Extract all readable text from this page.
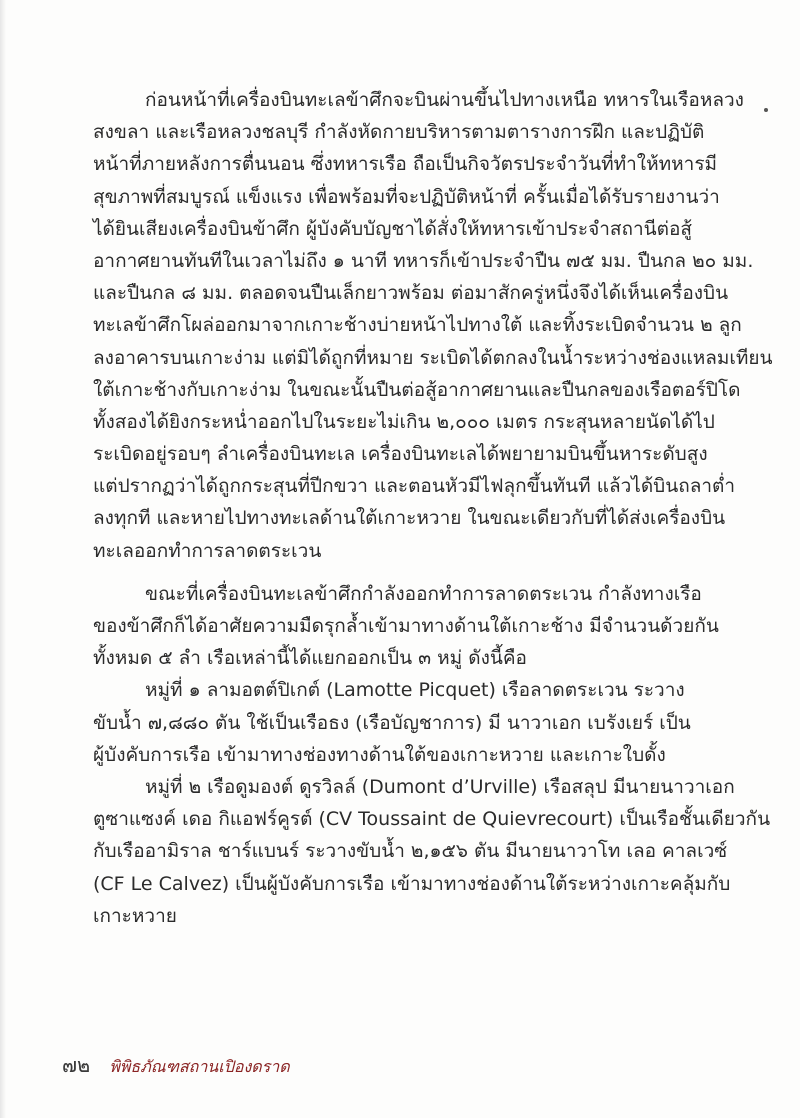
ก่อนหน้าที่เครื่องบินทะเลข้าศึกจะบินผ่านขึ้นไปทางเหนือ ทหารในเรือหลวง
สงขลา และเรือหลวงชลบุรี กำลังหัดกายบริหารตามตารางการฝึก และปฏิบัติ
หน้าที่ภายหลังการตื่นนอน ซึ่งทหารเรือ ถือเป็นกิจวัตรประจำวันที่ทำให้ทหารมี
สุขภาพที่สมบูรณ์ แข็งแรง เพื่อพร้อมที่จะปฏิบัติหน้าที่ ครั้นเมื่อได้รับรายงานว่า
ได้ยินเสียงเครื่องบินข้าศึก ผู้บังคับบัญชาได้สั่งให้ทหารเข้าประจำสถานีต่อสู้
อากาศยานทันทีในเวลาไม่ถึง ๑ นาที ทหารก็เข้าประจำปืน ๗๕ มม. ปืนกล ๒๐ มม.
และปืนกล ๘ มม. ตลอดจนปืนเล็กยาวพร้อม ต่อมาสักครู่หนึ่งจึงได้เห็นเครื่องบิน
ทะเลข้าศึกโผล่ออกมาจากเกาะช้างบ่ายหน้าไปทางใต้ และทิ้งระเบิดจำนวน ๒ ลูก
ลงอาคารบนเกาะง่าม แต่มิได้ถูกที่หมาย ระเบิดได้ตกลงในน้ำระหว่างช่องแหลมเทียน
ใต้เกาะช้างกับเกาะง่าม ในขณะนั้นปืนต่อสู้อากาศยานและปืนกลของเรือตอร์ปิโด
ทั้งสองได้ยิงกระหน่ำออกไปในระยะไม่เกิน ๒,๐๐๐ เมตร กระสุนหลายนัดได้ไป
ระเบิดอยู่รอบๆ ลำเครื่องบินทะเล เครื่องบินทะเลได้พยายามบินขึ้นหาระดับสูง
แต่ปรากฏว่าได้ถูกกระสุนที่ปีกขวา และตอนหัวมีไฟลุกขึ้นทันที แล้วได้บินถลาต่ำ
ลงทุกที และหายไปทางทะเลด้านใต้เกาะหวาย ในขณะเดียวกับที่ได้ส่งเครื่องบิน
ทะเลออกทำการลาดตระเวน
ขณะที่เครื่องบินทะเลข้าศึกกำลังออกทำการลาดตระเวน กำลังทางเรือ
ของข้าศึกก็ได้อาศัยความมืดรุกล้ำเข้ามาทางด้านใต้เกาะช้าง มีจำนวนด้วยกัน
ทั้งหมด ๕ ลำ เรือเหล่านี้ได้แยกออกเป็น ๓ หมู่ ดังนี้คือ
หมู่ที่ ๑ ลามอตต์ปิเกต์ (Lamotte Picquet) เรือลาดตระเวน ระวาง
ขับน้ำ ๗,๘๘๐ ตัน ใช้เป็นเรือธง (เรือบัญชาการ) มี นาวาเอก เบรังเยร์ เป็น
ผู้บังคับการเรือ เข้ามาทางช่องทางด้านใต้ของเกาะหวาย และเกาะใบดั้ง
หมู่ที่ ๒ เรือดูมองต์ ดูรวิลล์ (Dumont d’Urville) เรือสลุป มีนายนาวาเอก
ตูซาแซงค์ เดอ กิแอฟร์คูรต์ (CV Toussaint de Quievrecourt) เป็นเรือชั้นเดียวกัน
กับเรืออามิราล ชาร์แบนร์ ระวางขับน้ำ ๒,๑๕๖ ตัน มีนายนาวาโท เลอ คาลเวซ์
(CF Le Calvez) เป็นผู้บังคับการเรือ เข้ามาทางช่องด้านใต้ระหว่างเกาะคลุ้มกับ
เกาะหวาย
๗๒ พิพิธภัณฑสถานเปิองดราด
